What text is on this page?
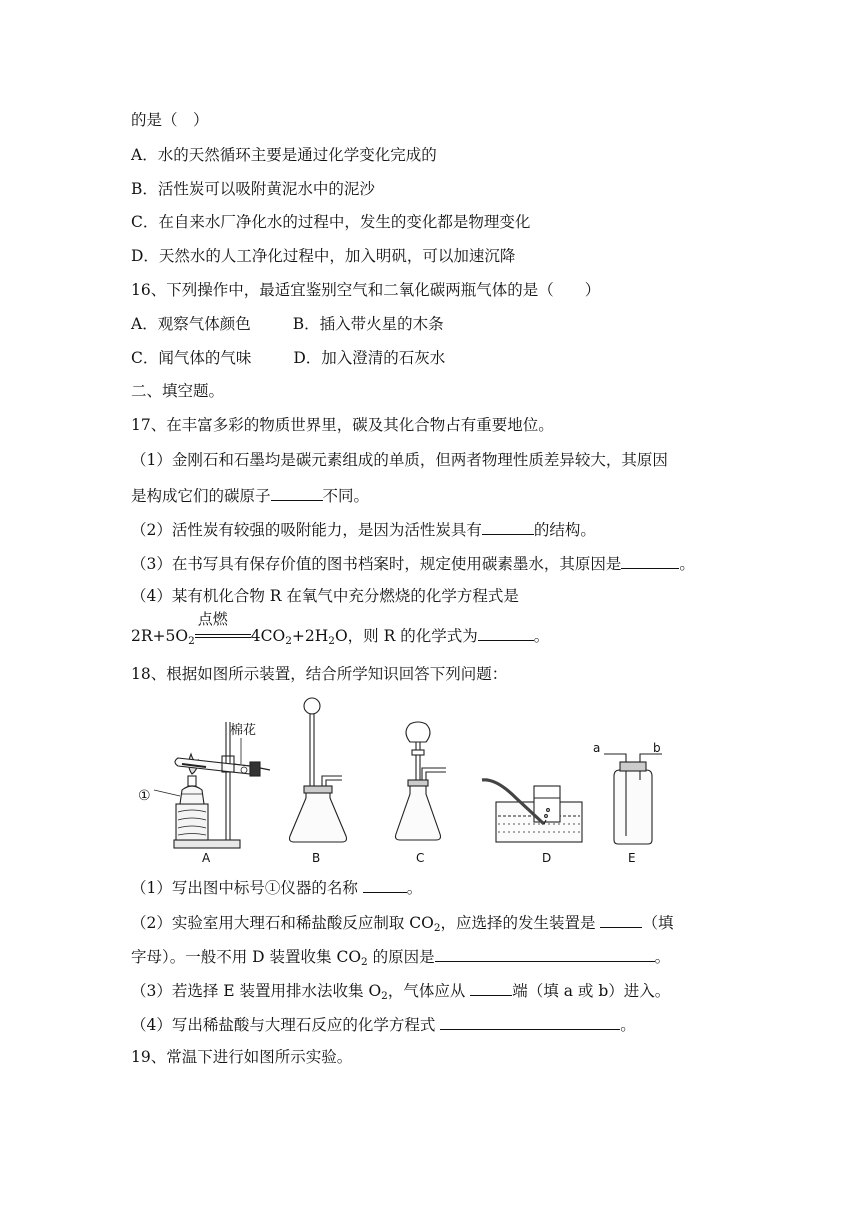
的是（　）
A．水的天然循环主要是通过化学变化完成的
B．活性炭可以吸附黄泥水中的泥沙
C．在自来水厂净化水的过程中，发生的变化都是物理变化
D．天然水的人工净化过程中，加入明矾，可以加速沉降
16、下列操作中，最适宜鉴别空气和二氧化碳两瓶气体的是（　　）
A．观察气体颜色	B．插入带火星的木条
C．闻气体的气味	D．加入澄清的石灰水
二、填空题。
17、在丰富多彩的物质世界里，碳及其化合物占有重要地位。
（1）金刚石和石墨均是碳元素组成的单质，但两者物理性质差异较大，其原因
是构成它们的碳原子	不同。
（2）活性炭有较强的吸附能力，是因为活性炭具有	的结构。
（3）在书写具有保存价值的图书档案时，规定使用碳素墨水，其原因是	。
（4）某有机化合物 R 在氧气中充分燃烧的化学方程式是
$2R+5O_2$
点燃
$4CO_2+2H_2O$，则 R 的化学式为	。
18、根据如图所示装置，结合所学知识回答下列问题：
①
棉花
a	b
A	B	C	D	E
（1）写出图中标号①仪器的名称	。
（2）实验室用大理石和稀盐酸反应制取 $CO_2$，应选择的发生装置是	（填
字母）。一般不用 D 装置收集 $CO_2$ 的原因是	。
（3）若选择 E 装置用排水法收集 $O_2$，气体应从	端（填 a 或 b）进入。
（4）写出稀盐酸与大理石反应的化学方程式	。
19、常温下进行如图所示实验。
